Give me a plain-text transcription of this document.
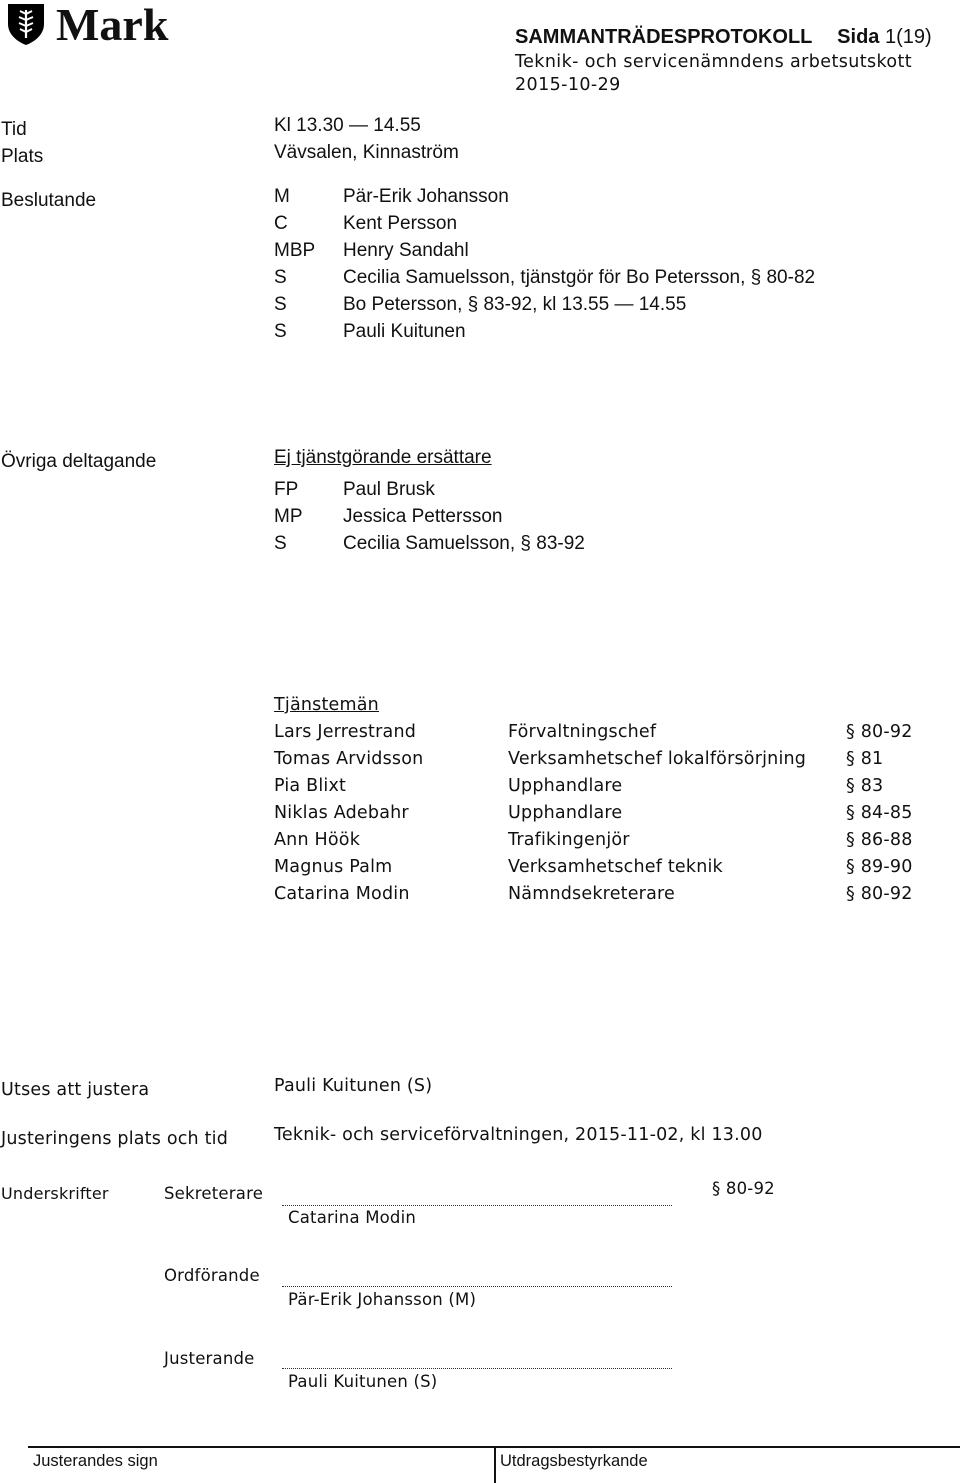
Mark	SAMMANTRÄDESPROTOKOLL Sida 1(19)
Teknik- och servicenämndens arbetsutskott
2015-10-29
Tid	Kl 13.30 — 14.55
Plats	Vävsalen, Kinnaström
Beslutande	M	Pär-Erik Johansson
C	Kent Persson
MBP Henry Sandahl
S	Cecilia Samuelsson, tjänstgör för Bo Petersson, § 80-82
S	Bo Petersson, § 83-92, kl 13.55 — 14.55
S	Pauli Kuitunen
Övriga deltagande	Ej tjänstgörande ersättare
FP Paul Brusk
MP Jessica Pettersson
S	Cecilia Samuelsson, § 83-92
Tjänstemän
Lars Jerrestrand	Förvaltningschef	§ 80-92
Tomas Arvidsson	Verksamhetschef lokalförsörjning § 81
Pia Blixt	Upphandlare	§ 83
Niklas Adebahr	Upphandlare	§ 84-85
Ann Höök	Trafikingenjör	§ 86-88
Magnus Palm	Verksamhetschef teknik	§ 89-90
Catarina Modin	Nämndsekreterare	§ 80-92
Utses att justera	Pauli Kuitunen (S)
Justeringens plats och tid	Teknik- och serviceförvaltningen, 2015-11-02, kl 13.00
Underskrifter	Sekreterare
Catarina Modin
§ 80-92
Ordförande
Pär-Erik Johansson (M)
Justerande
Pauli Kuitunen (S)
Justerandes sign	Utdragsbestyrkande
